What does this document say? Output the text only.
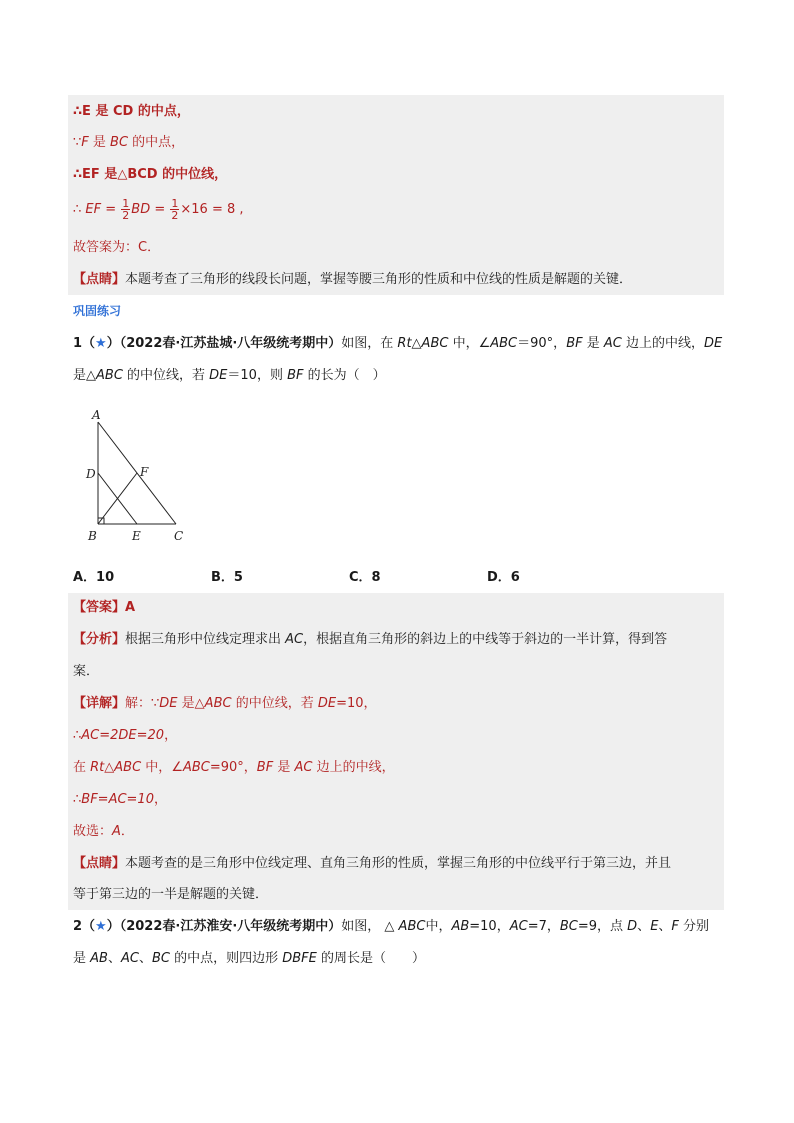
∴E 是 CD 的中点，
∵F 是 BC 的中点，
∴EF 是△BCD 的中位线，
∴ EF = $\frac{1}{2}$ BD = $\frac{1}{2} \times 16 = 8$ ,
故答案为：C．
【点睛】本题考查了三角形的线段长问题，掌握等腰三角形的性质和中位线的性质是解题的关键．
巩固练习
1（★）（2022春·江苏盐城·八年级统考期中）如图，在 Rt△ABC 中，∠ABC＝90°，BF 是 AC 边上的中线，DE
是△ABC 的中位线，若 DE＝10，则 BF 的长为（　）
A
D	F
B	E	C
A．10	B．5	C．8	D．6
【答案】A
【分析】根据三角形中位线定理求出 AC，根据直角三角形的斜边上的中线等于斜边的一半计算，得到答
案．
【详解】解：∵DE 是△ABC 的中位线，若 DE=10，
∴AC=2DE=20，
在 Rt△ABC 中，∠ABC=90°，BF 是 AC 边上的中线，
∴BF=AC=10，
故选：A．
【点睛】本题考查的是三角形中位线定理、直角三角形的性质，掌握三角形的中位线平行于第三边，并且
等于第三边的一半是解题的关键．
2（★）（2022春·江苏淮安·八年级统考期中）如图， △ ABC中，AB=10，AC=7，BC=9，点 D、E、F 分别
是 AB、AC、BC 的中点，则四边形 DBFE 的周长是（　　）
